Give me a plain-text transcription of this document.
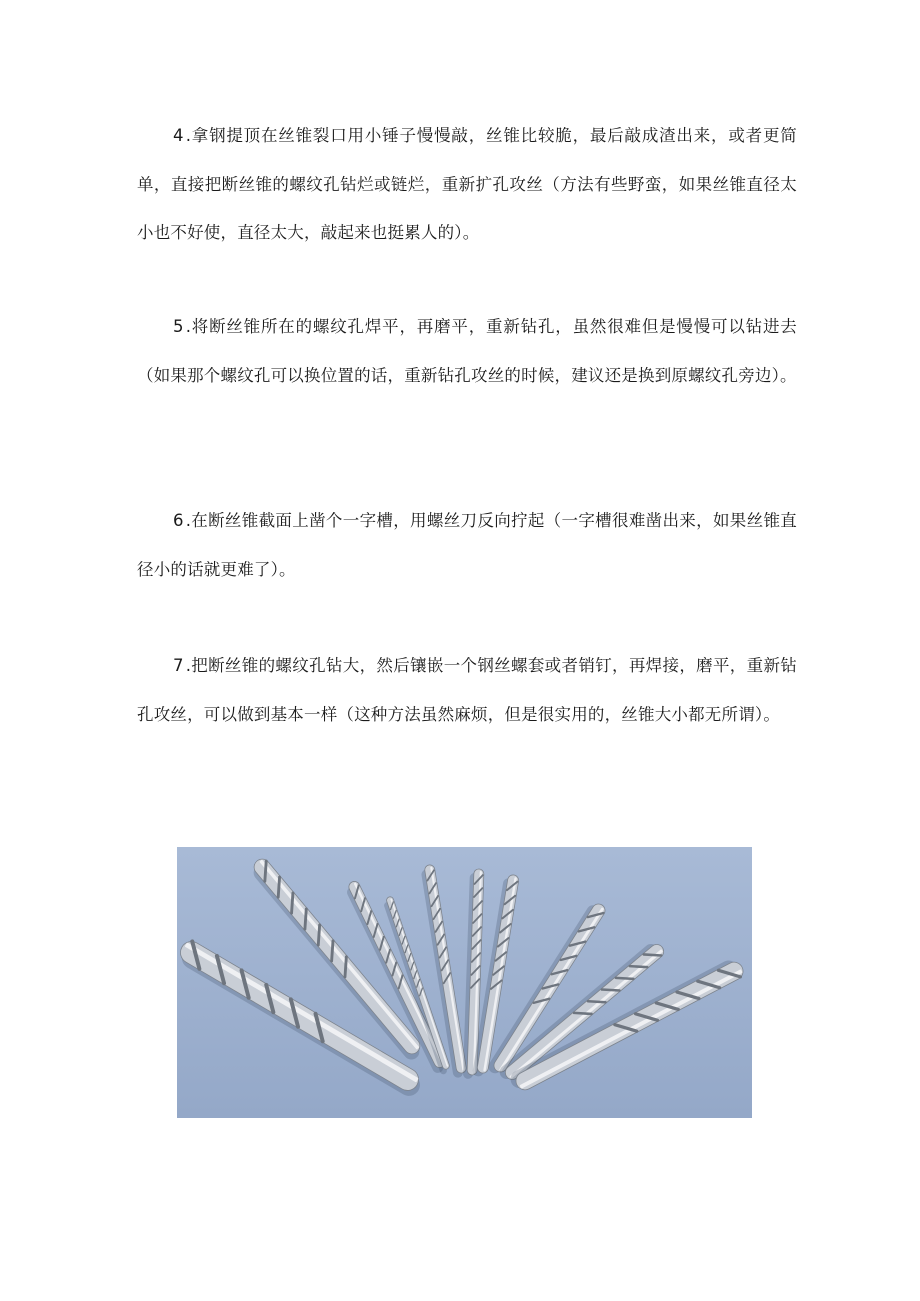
4 .拿钢提顶在丝锥裂口用小锤子慢慢敲，丝锥比较脆，最后敲成渣出来，或者更简单，直接把断丝锥的螺纹孔钻烂或链烂，重新扩孔攻丝（方法有些野蛮，如果丝锥直径太小也不好使，直径太大，敲起来也挺累人的）。

5 .将断丝锥所在的螺纹孔焊平，再磨平，重新钻孔，虽然很难但是慢慢可以钻进去（如果那个螺纹孔可以换位置的话，重新钻孔攻丝的时候，建议还是换到原螺纹孔旁边）。

6 .在断丝锥截面上凿个一字槽，用螺丝刀反向拧起（一字槽很难凿出来，如果丝锥直径小的话就更难了）。

7 .把断丝锥的螺纹孔钻大，然后镶嵌一个钢丝螺套或者销钉，再焊接，磨平，重新钻孔攻丝，可以做到基本一样（这种方法虽然麻烦，但是很实用的，丝锥大小都无所谓）。
